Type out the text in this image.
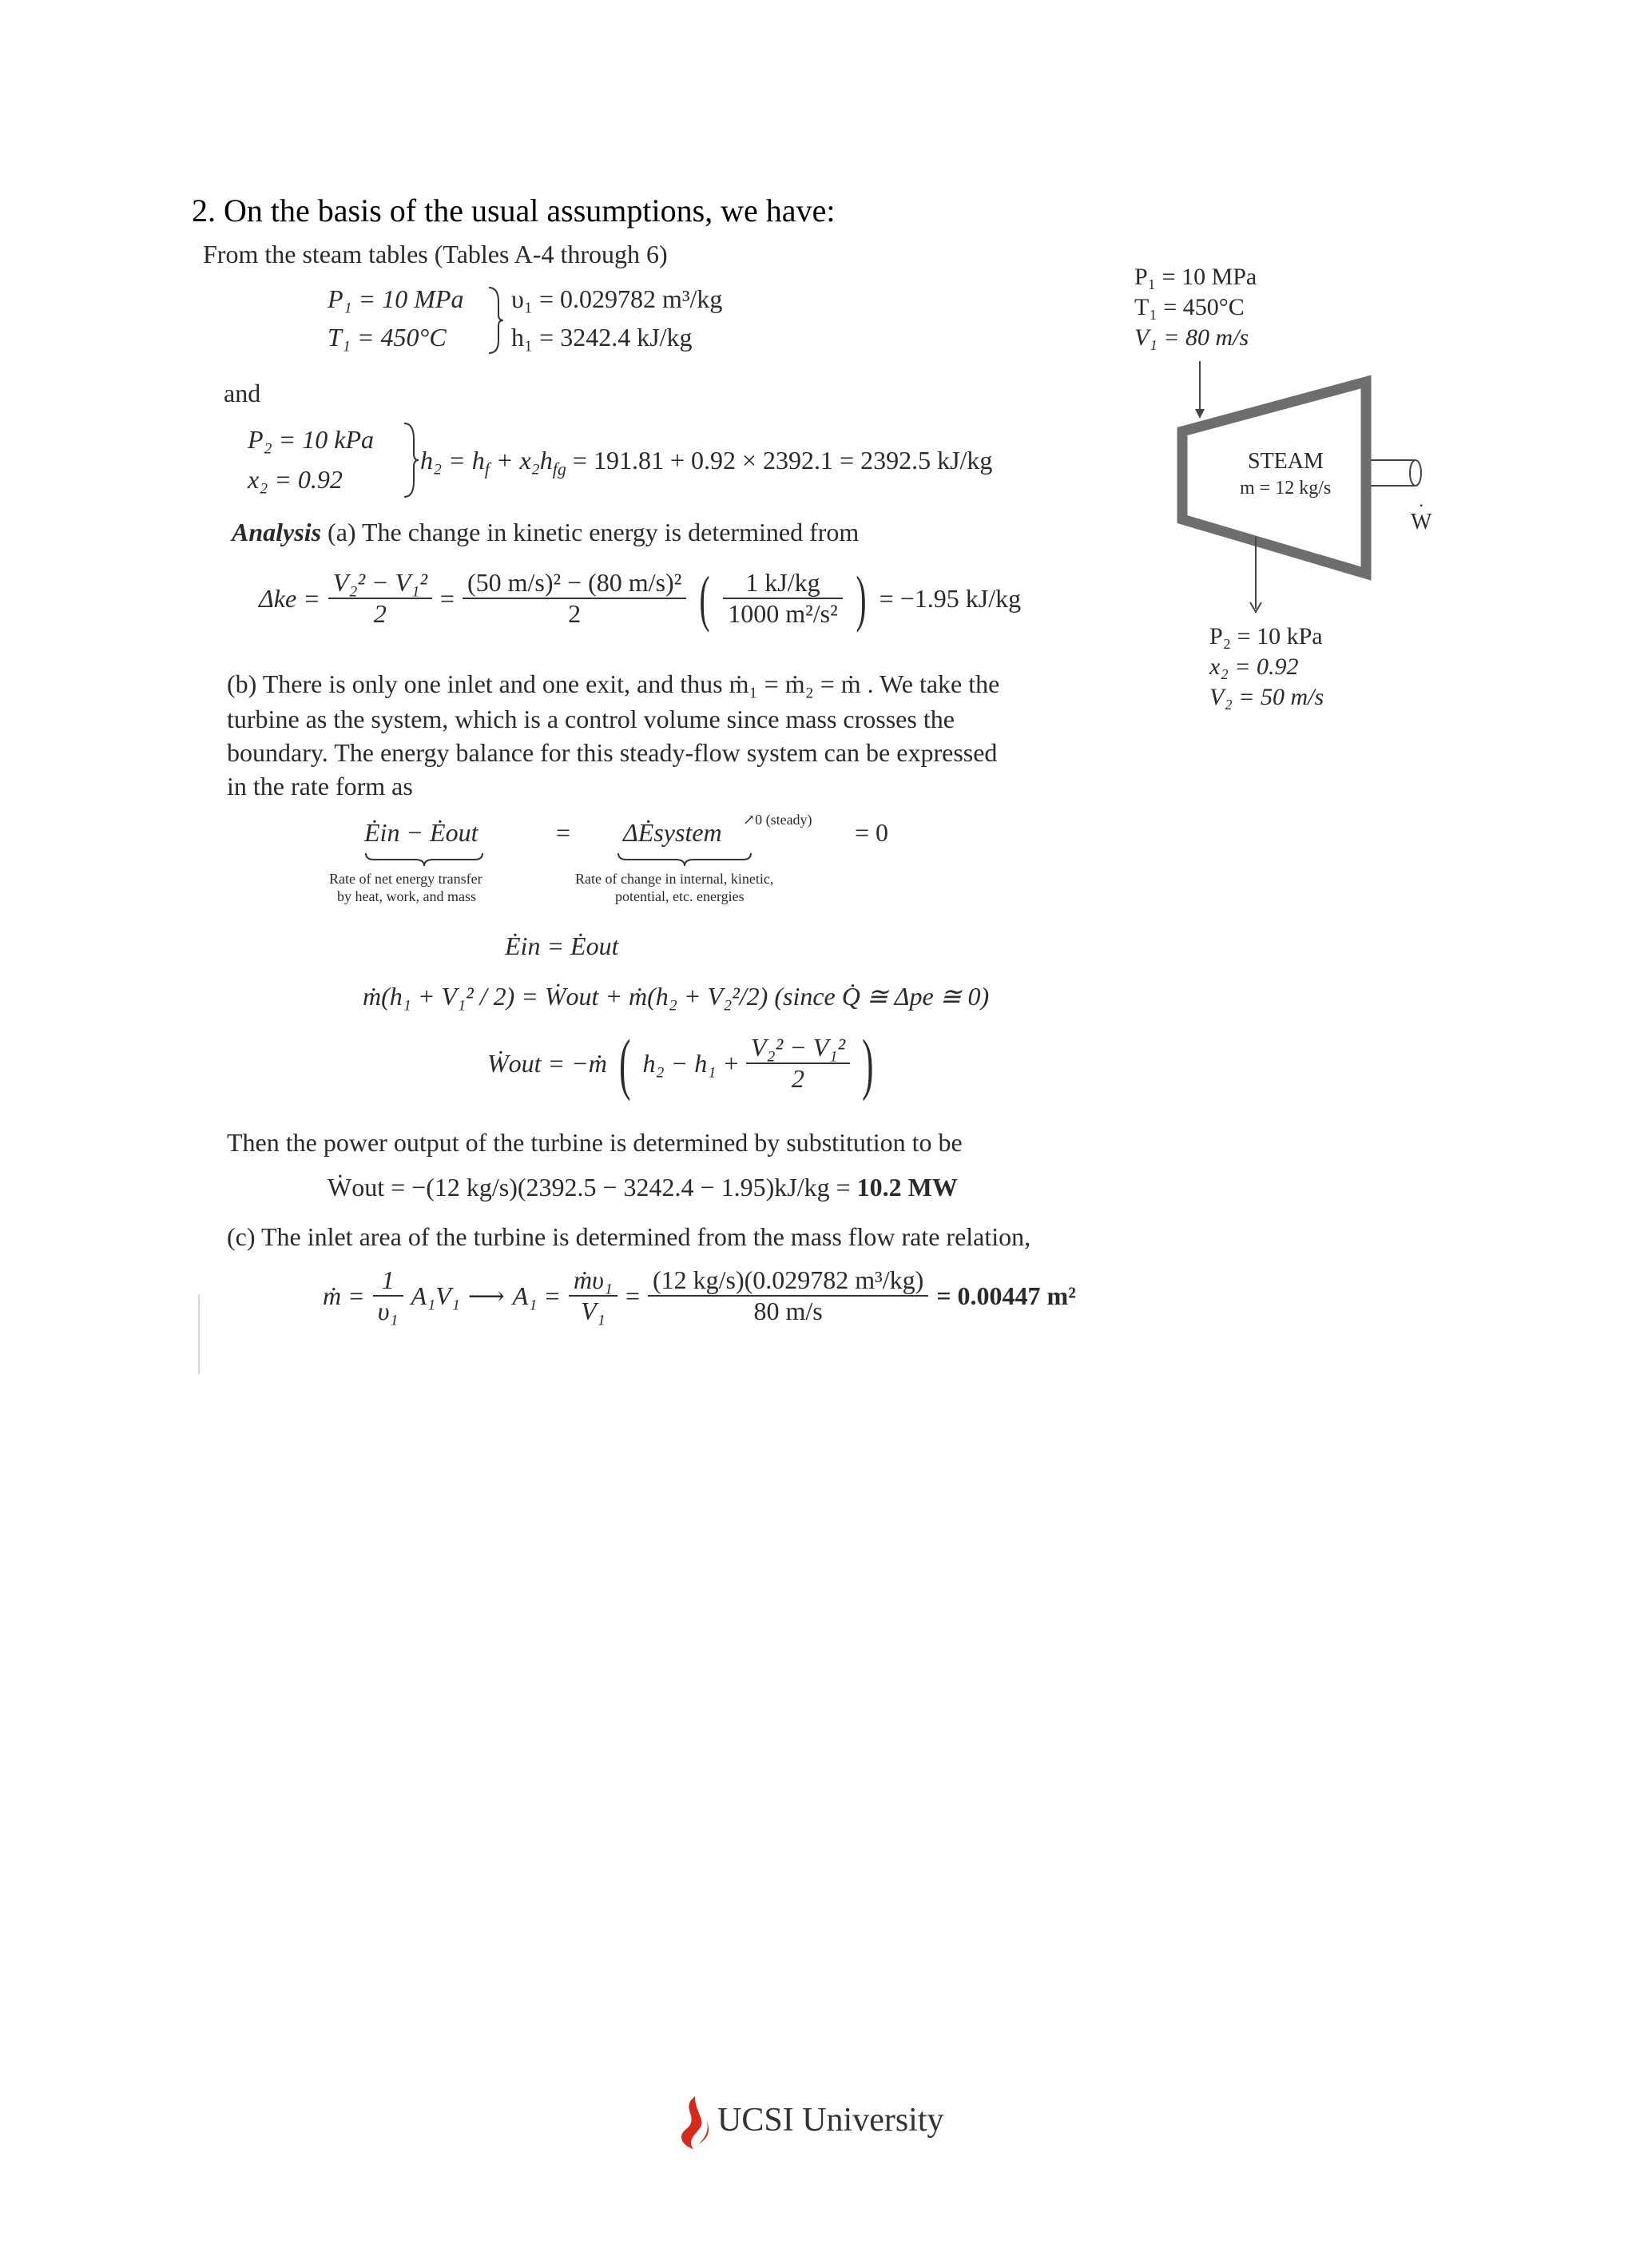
2. On the basis of the usual assumptions, we have:
From the steam tables (Tables A-4 through 6)
P₁ = 10 MPa
T₁ = 450°C
υ₁ = 0.029782 m³/kg
h₁ = 3242.4 kJ/kg
and
P₂ = 10 kPa
x₂ = 0.92
$h_2 = h_f + x_2h_{fg} = 191.81 + 0.92 \times 2392.1 = 2392.5$ kJ/kg
Analysis (a) The change in kinetic energy is determined from
$\Delta ke = \frac{\text{V₂² − V₁²}}{2} = \frac{\text{(50 m/s)² − (80 m/s)²}}{2}$ ( $\frac{1 kJ/kg}{\text{1000 m²/s²}}$ ) = −1.95 kJ/kg
(b) There is only one inlet and one exit, and thus ṁ₁ = ṁ₂ = ṁ . We take the
turbine as the system, which is a control volume since mass crosses the
boundary. The energy balance for this steady-flow system can be expressed
in the rate form as
Ėin − Ėout	= ΔĖsystem ↗0 (steady) = 0
Rate of net energy transfer
by heat, work, and mass
Rate of change in internal, kinetic,
potential, etc. energies
Ėin = Ėout
ṁ(h₁ + V₁² / 2) = Ẇout + ṁ(h₂ + V₂²/2) (since Q̇ ≅ Δpe ≅ 0)
Ẇout = −ṁ ( $h_2 - h_1 + \frac{\text{V₂² − V₁²}}{2}$ )
Then the power output of the turbine is determined by substitution to be
Ẇout = −(12 kg/s)(2392.5 − 3242.4 − 1.95)kJ/kg = 10.2 MW
(c) The inlet area of the turbine is determined from the mass flow rate relation,
ṁ = $\frac{1}{\text{υ₁}} A_1V_1$ ⟶ $A_1 = \frac{\text{ṁυ₁}}{\text{V₁}} = \frac{\text{(12 kg/s)(0.029782 m³/kg)}}{80 m/s} = 0.00447$ m²
P₁ = 10 MPa
T₁ = 450°C
V₁ = 80 m/s
STEAM
m = 12 kg/s
·
W
P₂ = 10 kPa
x₂ = 0.92
V₂ = 50 m/s
UCSI University
